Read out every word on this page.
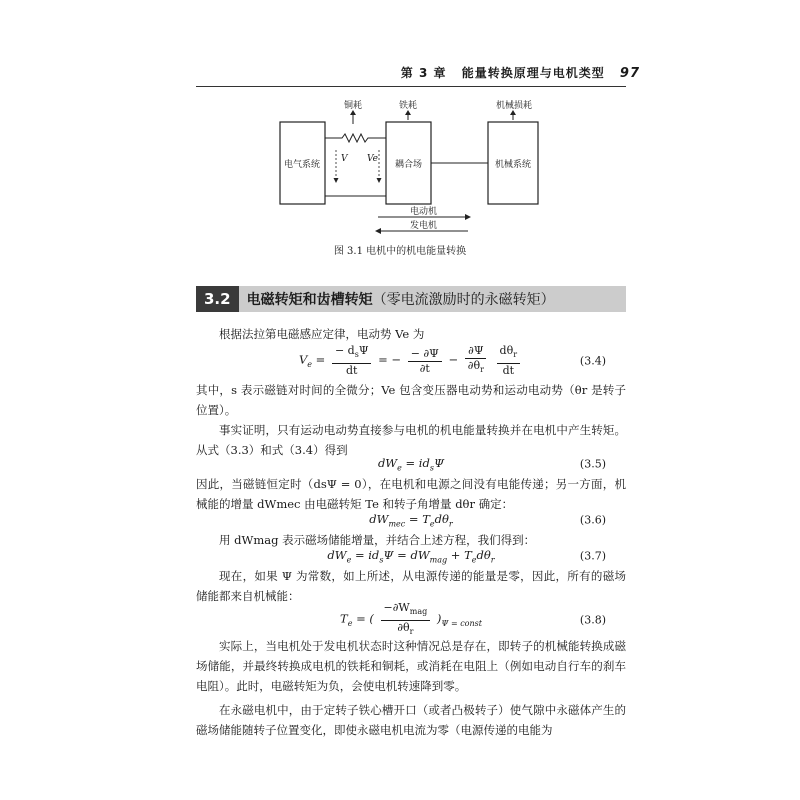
第 3 章 能量转换原理与电机类型 97
铜耗	铁耗	机械损耗
电气系统	耦合场	机械系统
V Ve
电动机
发电机
图 3.1 电机中的机电能量转换
3.2	电磁转矩和齿槽转矩（零电流激励时的永磁转矩）

根据法拉第电磁感应定律，电动势 Ve 为

$V_e = \frac{- d_s\Psi}{dt}$ = − $\frac{- \partial\Psi}{\partial t} - \frac{\partial\Psi}{\partial\theta_r}$
$\frac{d\theta_r}{dt}$	(3.4)

其中，s 表示磁链对时间的全微分；Ve 包含变压器电动势和运动电动势（θr 是转子位置）。

事实证明，只有运动电动势直接参与电机的机电能量转换并在电机中产生转矩。从式（3.3）和式（3.4）得到

$dW_e = id_s\Psi$	(3.5)

因此，当磁链恒定时（dsΨ = 0），在电机和电源之间没有电能传递；另一方面，机械能的增量 dWmec 由电磁转矩 Te 和转子角增量 dθr 确定：

$dW_{mec} = T_ed\theta_r$	(3.6)

用 dWmag 表示磁场储能增量，并结合上述方程，我们得到：

$dW_e = id_s\Psi = dW_{mag} + T_ed\theta_r$	(3.7)

现在，如果 Ψ 为常数，如上所述，从电源传递的能量是零，因此，所有的磁场储能都来自机械能：

$T_e$ = ( $\frac{-\partial W_{mag}}{\partial\theta_r} )_{\Psi = const}$	(3.8)

实际上，当电机处于发电机状态时这种情况总是存在，即转子的机械能转换成磁场储能，并最终转换成电机的铁耗和铜耗，或消耗在电阻上（例如电动自行车的刹车电阻）。此时，电磁转矩为负，会使电机转速降到零。

在永磁电机中，由于定转子铁心槽开口（或者凸极转子）使气隙中永磁体产生的磁场储能随转子位置变化，即使永磁电机电流为零（电源传递的电能为
